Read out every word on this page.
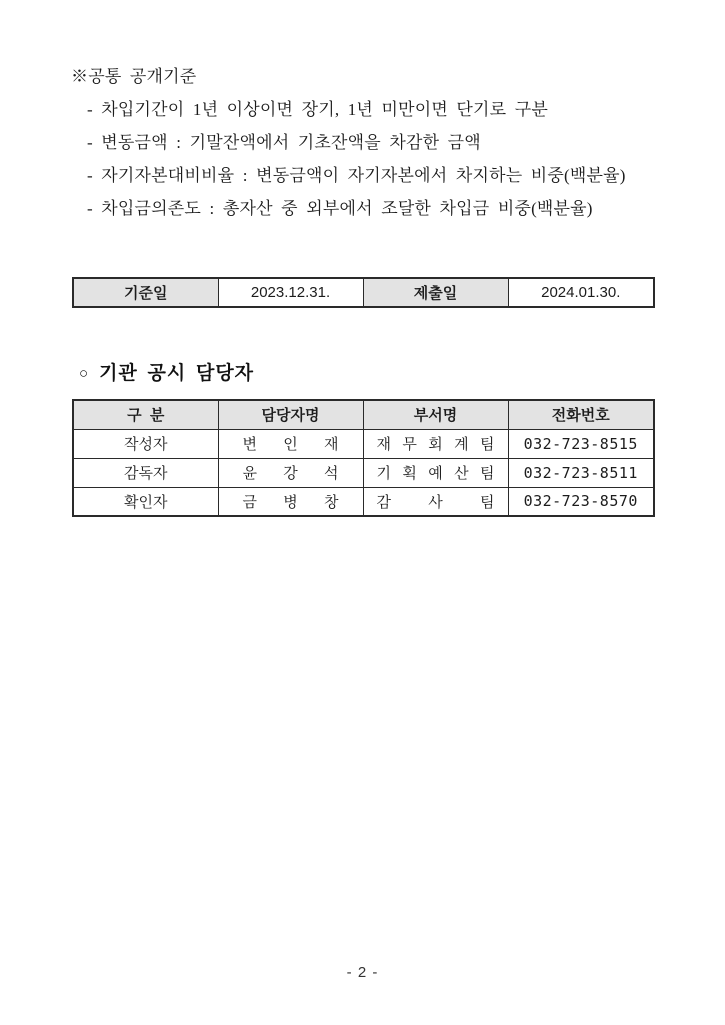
※공통 공개기준
- 차입기간이 1년 이상이면 장기, 1년 미만이면 단기로 구분
- 변동금액 : 기말잔액에서 기초잔액을 차감한 금액
- 자기자본대비비율 : 변동금액이 자기자본에서 차지하는 비중(백분율)
- 차입금의존도 : 총자산 중 외부에서 조달한 차입금 비중(백분율)
기준일	2023.12.31.	제출일	2024.01.30.
○ 기관 공시 담당자
구  분	담당자명	부서명	전화번호
작성자	변 인 재	재 무 회 계 팀	032-723-8515
감독자	윤 강 석	기 획 예 산 팀	032-723-8511
확인자	금 병 창	감 사 팀	032-723-8570
- 2 -
